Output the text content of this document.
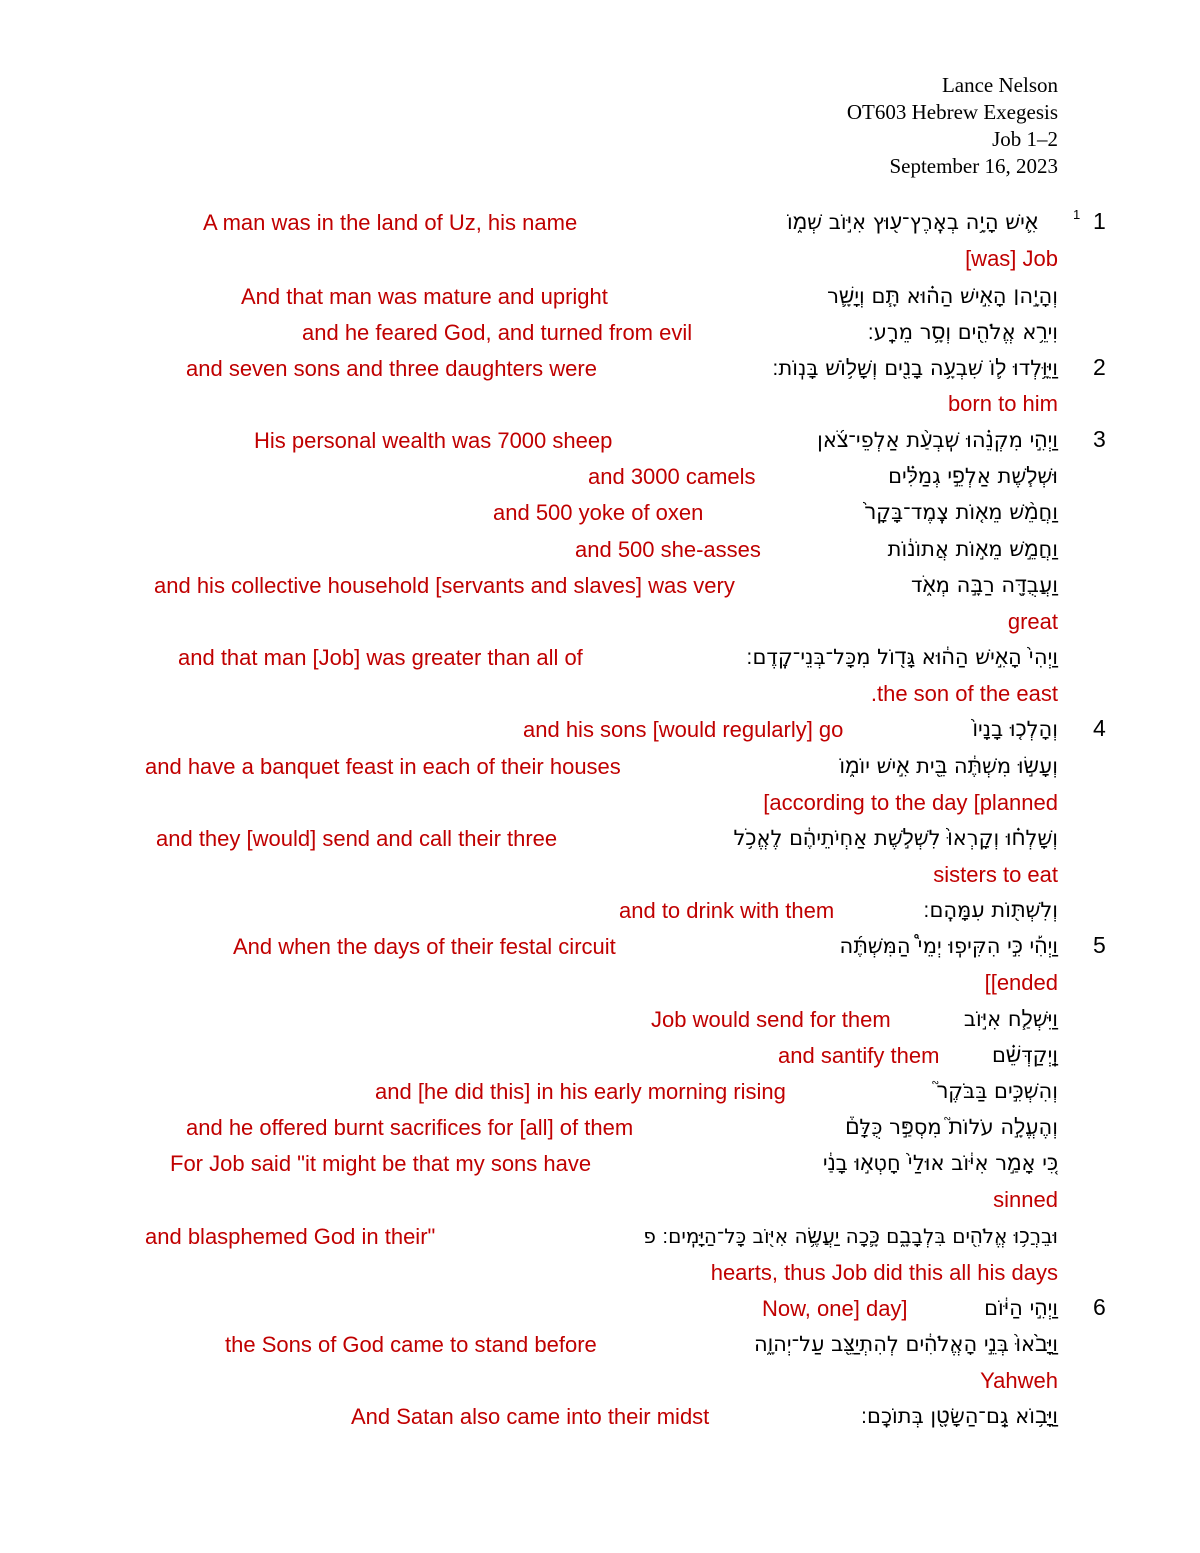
Lance Nelson
OT603 Hebrew Exegesis
Job 1–2
September 16, 2023
1
1
2
3
4
5
6
אִ֛ישׁ הָיָ֥ה בְאֶֽרֶץ־ע֖וּץ אִיּ֣וֹב שְׁמ֑וֹ
A man was in the land of Uz, his name
[was] Job
וְהָיָ֣ה׀ הָאִ֣ישׁ הַה֗וּא תָּ֧ם וְיָשָׁ֛ר
And that man was mature and upright
וִירֵ֥א אֱלֹהִ֖ים וְסָ֥ר מֵרָֽע׃
and he feared God, and turned from evil
וַיִּוָּ֥לְדוּ ל֛וֹ שִׁבְעָ֥ה בָנִ֖ים וְשָׁל֥וֹשׁ בָּנֽוֹת׃
and seven sons and three daughters were
born to him
וַיְהִ֣י מִקְנֵ֗הוּ שִֽׁבְעַ֨ת אַלְפֵי־צֹ֜אן
His personal wealth was 7000 sheep
וּשְׁל֧שֶׁת אַלְפֵ֣י גְמַלִּ֗ים
and 3000 camels
וַחֲמֵ֨שׁ מֵא֤וֹת צֶֽמֶד־בָּקָר֙
and 500 yoke of oxen
וַחֲמֵ֣שׁ מֵא֣וֹת אֲתוֹנ֔וֹת
and 500 she-asses
וַעֲבֻדָּ֖ה רַבָּ֣ה מְאֹ֑ד
and his collective household [servants and slaves] was very
great
וַיְהִי֙ הָאִ֣ישׁ הַה֔וּא גָּד֖וֹל מִכָּל־בְּנֵי־קֶֽדֶם׃
and that man [Job] was greater than all of
.the son of the east
וְהָלְכ֤וּ בָנָיו֙
and his sons [would regularly] go
וְעָשׂ֣וּ מִשְׁתֶּ֔ה בֵּ֖ית אִ֣ישׁ יוֹמ֑וֹ
and have a banquet feast in each of their houses
[according to the day [planned
וְשָׁלְח֗וּ וְקָרְאוּ֙ לִשְׁל֣שֶׁת אַחְיֹתֵיהֶ֔ם לֶאֱכֹ֥ל
and they [would] send and call their three
sisters to eat
וְלִשְׁתּ֖וֹת עִמָּהֶֽם׃
and to drink with them
וַיְהִ֡י כִּ֣י הִקִּיפֽוּ יְמֵי֩ הַמִּשְׁתֶּ֜ה
And when the days of their festal circuit
[[ended
וַיִּשְׁלַ֧ח אִיּ֣וֹב
Job would send for them
וַֽיְקַדְּשֵׁ֗ם
and santify them
וְהִשְׁכִּ֣ים בַּבֹּקֶר֮
and [he did this] in his early morning rising
וְהֶעֱלָ֣ה עֹלוֹת֮ מִסְפַּ֣ר כֻּלָּם֒
and he offered burnt sacrifices for [all] of them
כִּ֚י אָמַ֣ר אִיּ֔וֹב אוּלַי֙ חָטְא֣וּ בָנַ֔י
For Job said "it might be that my sons have
sinned
וּבֵרֲכ֥וּ אֱלֹהִ֖ים בִּלְבָבָ֑ם כָּ֛כָה יַעֲשֶׂ֥ה אִיּ֖וֹב כָּל־הַיָּמִֽים׃ פ
and blasphemed God in their"
hearts, thus Job did this all his days
וַיְהִ֣י הַיּ֔וֹם
Now, one] day]
וַיָּבֹ֙אוּ֙ בְּנֵ֣י הָאֱלֹהִ֔ים לְהִתְיַצֵּ֖ב עַל־יְהוָ֑ה
the Sons of God came to stand before
Yahweh
וַיָּב֥וֹא גַֽם־הַשָּׂטָ֖ן בְּתוֹכָֽם׃
And Satan also came into their midst
